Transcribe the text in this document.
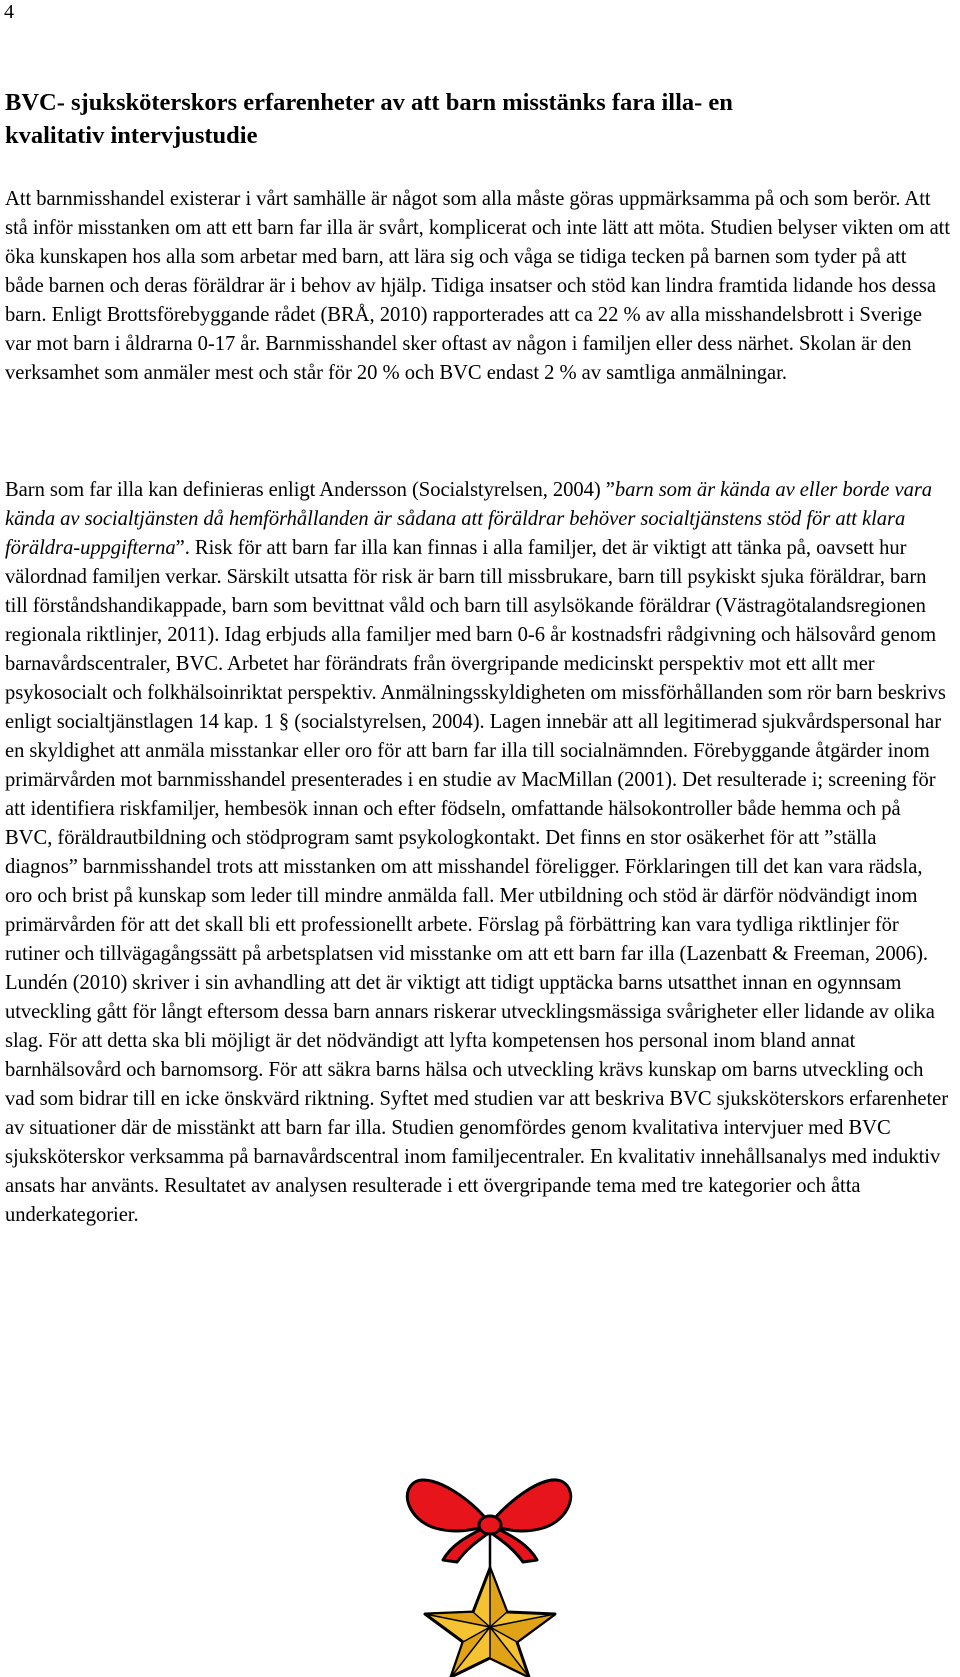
4
BVC- sjuksköterskors erfarenheter av att barn misstänks fara illa- en
kvalitativ intervjustudie

Att barnmisshandel existerar i vårt samhälle är något som alla måste göras uppmärksamma på och som berör. Att stå inför misstanken om att ett barn far illa är svårt, komplicerat och inte lätt att möta. Studien belyser vikten om att öka kunskapen hos alla som arbetar med barn, att lära sig och våga se tidiga tecken på barnen som tyder på att både barnen och deras föräldrar är i behov av hjälp. Tidiga insatser och stöd kan lindra framtida lidande hos dessa barn. Enligt Brottsförebyggande rådet (BRÅ, 2010) rapporterades att ca 22 % av alla misshandelsbrott i Sverige var mot barn i åldrarna 0-17 år. Barnmisshandel sker oftast av någon i familjen eller dess närhet. Skolan är den verksamhet som anmäler mest och står för 20 % och BVC endast 2 % av samtliga anmälningar.

Barn som far illa kan definieras enligt Andersson (Socialstyrelsen, 2004) ”barn som är kända av eller borde vara kända av socialtjänsten då hemförhållanden är sådana att föräldrar behöver socialtjänstens stöd för att klara föräldra-uppgifterna”. Risk för att barn far illa kan finnas i alla familjer, det är viktigt att tänka på, oavsett hur välordnad familjen verkar. Särskilt utsatta för risk är barn till missbrukare, barn till psykiskt sjuka föräldrar, barn till förståndshandikappade, barn som bevittnat våld och barn till asylsökande föräldrar (Västragötalandsregionen regionala riktlinjer, 2011). Idag erbjuds alla familjer med barn 0-6 år kostnadsfri rådgivning och hälsovård genom barnavårdscentraler, BVC. Arbetet har förändrats från övergripande medicinskt perspektiv mot ett allt mer psykosocialt och folkhälsoinriktat perspektiv. Anmälningsskyldigheten om missförhållanden som rör barn beskrivs enligt socialtjänstlagen 14 kap. 1 § (socialstyrelsen, 2004). Lagen innebär att all legitimerad sjukvårdspersonal har en skyldighet att anmäla misstankar eller oro för att barn far illa till socialnämnden. Förebyggande åtgärder inom primärvården mot barnmisshandel presenterades i en studie av MacMillan (2001). Det resulterade i; screening för att identifiera riskfamiljer, hembesök innan och efter födseln, omfattande hälsokontroller både hemma och på BVC, föräldrautbildning och stödprogram samt psykologkontakt. Det finns en stor osäkerhet för att ”ställa diagnos” barnmisshandel trots att misstanken om att misshandel föreligger. Förklaringen till det kan vara rädsla, oro och brist på kunskap som leder till mindre anmälda fall. Mer utbildning och stöd är därför nödvändigt inom primärvården för att det skall bli ett professionellt arbete. Förslag på förbättring kan vara tydliga riktlinjer för rutiner och tillvägagångssätt på arbetsplatsen vid misstanke om att ett barn far illa (Lazenbatt & Freeman, 2006). Lundén (2010) skriver i sin avhandling att det är viktigt att tidigt upptäcka barns utsatthet innan en ogynnsam utveckling gått för långt eftersom dessa barn annars riskerar utvecklingsmässiga svårigheter eller lidande av olika slag. För att detta ska bli möjligt är det nödvändigt att lyfta kompetensen hos personal inom bland annat barnhälsovård och barnomsorg. För att säkra barns hälsa och utveckling krävs kunskap om barns utveckling och vad som bidrar till en icke önskvärd riktning. Syftet med studien var att beskriva BVC sjuksköterskors erfarenheter av situationer där de misstänkt att barn far illa. Studien genomfördes genom kvalitativa intervjuer med BVC sjuksköterskor verksamma på barnavårdscentral inom familjecentraler. En kvalitativ innehållsanalys med induktiv ansats har använts. Resultatet av analysen resulterade i ett övergripande tema med tre kategorier och åtta underkategorier.
